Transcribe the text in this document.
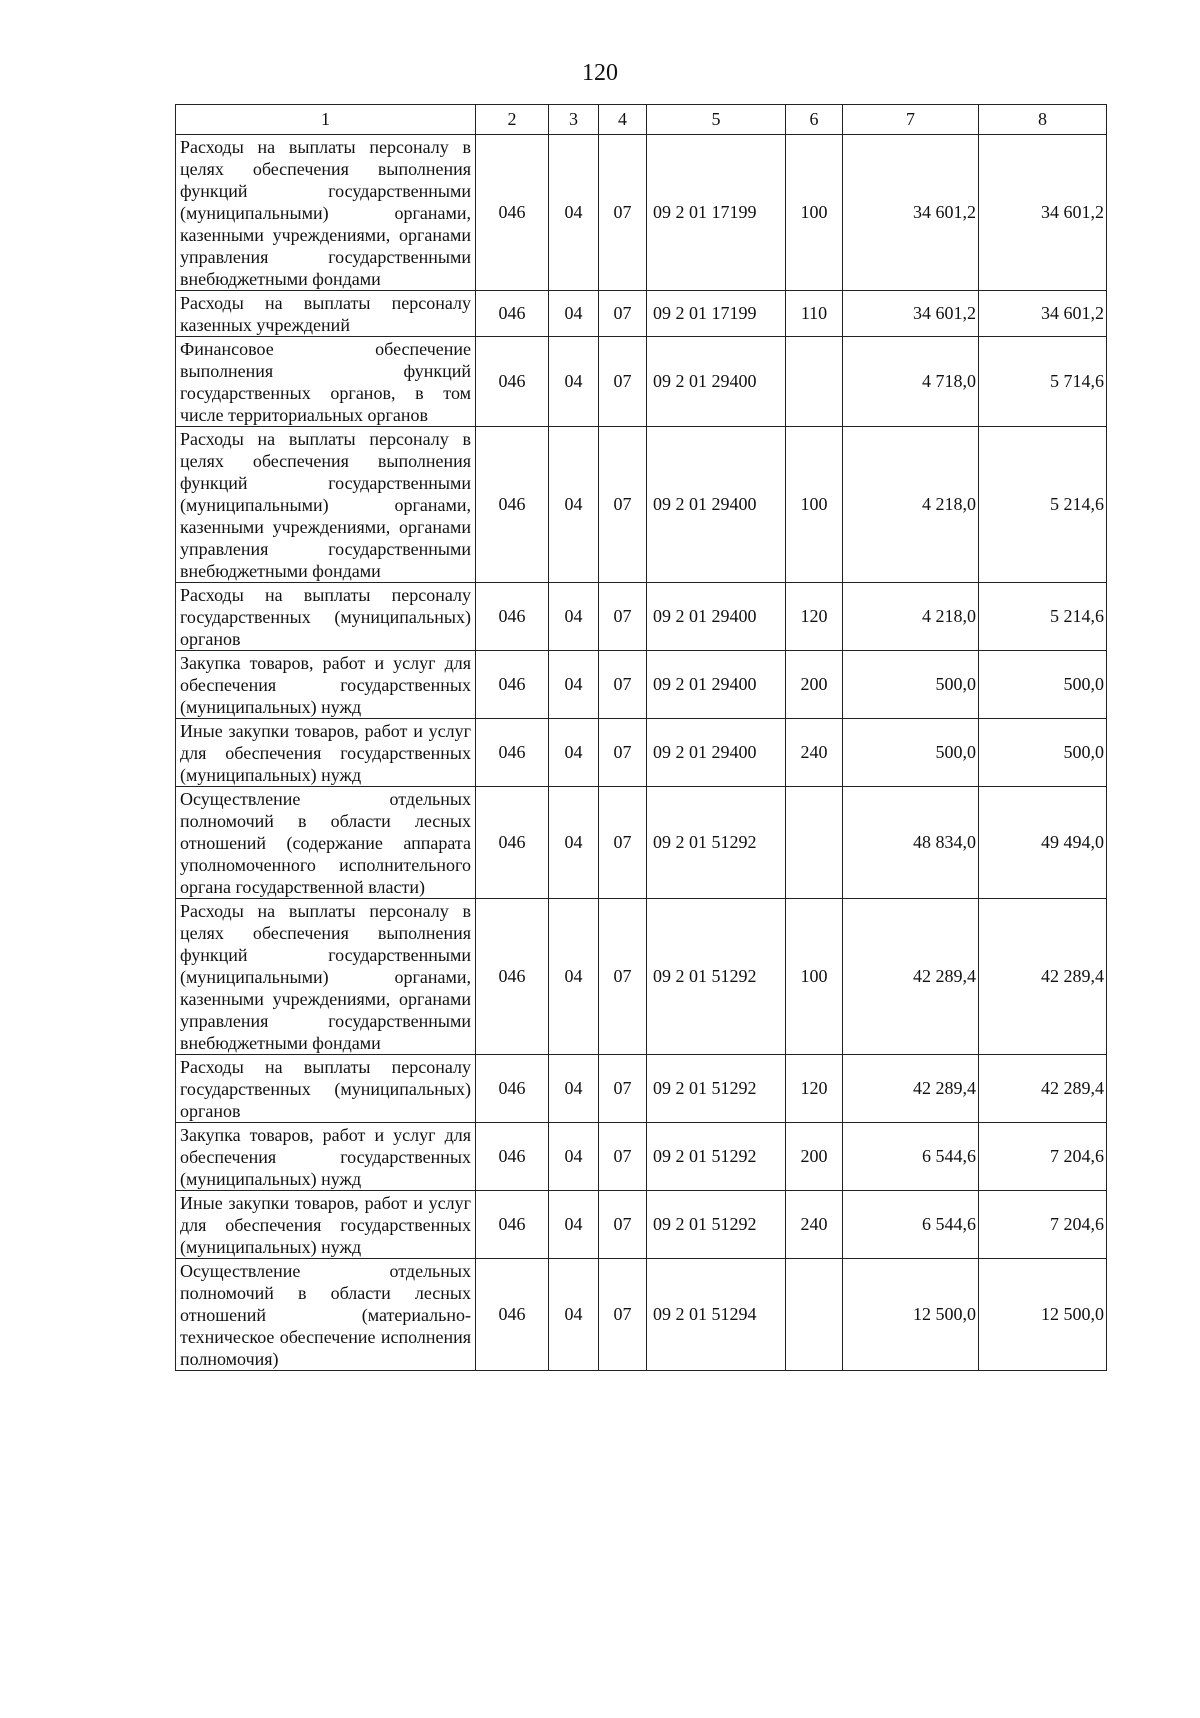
120
1	2	3	4	5	6	7	8
Расходы на выплаты персоналу в целях обеспечения выполнения функций государственными (муниципальными) органами, казенными учреждениями, органами управления государственными внебюджетными фондами	046	04	07	09 2 01 17199	100	34 601,2	34 601,2
Расходы на выплаты персоналу казенных учреждений	046	04	07	09 2 01 17199	110	34 601,2	34 601,2
Финансовое обеспечение выполнения функций государственных органов, в том числе территориальных органов	046	04	07	09 2 01 29400		4 718,0	5 714,6
Расходы на выплаты персоналу в целях обеспечения выполнения функций государственными (муниципальными) органами, казенными учреждениями, органами управления государственными внебюджетными фондами	046	04	07	09 2 01 29400	100	4 218,0	5 214,6
Расходы на выплаты персоналу государственных (муниципальных) органов	046	04	07	09 2 01 29400	120	4 218,0	5 214,6
Закупка товаров, работ и услуг для обеспечения государственных (муниципальных) нужд	046	04	07	09 2 01 29400	200	500,0	500,0
Иные закупки товаров, работ и услуг для обеспечения государственных (муниципальных) нужд	046	04	07	09 2 01 29400	240	500,0	500,0
Осуществление отдельных полномочий в области лесных отношений (содержание аппарата уполномоченного исполнительного органа государственной власти)	046	04	07	09 2 01 51292		48 834,0	49 494,0
Расходы на выплаты персоналу в целях обеспечения выполнения функций государственными (муниципальными) органами, казенными учреждениями, органами управления государственными внебюджетными фондами	046	04	07	09 2 01 51292	100	42 289,4	42 289,4
Расходы на выплаты персоналу государственных (муниципальных) органов	046	04	07	09 2 01 51292	120	42 289,4	42 289,4
Закупка товаров, работ и услуг для обеспечения государственных (муниципальных) нужд	046	04	07	09 2 01 51292	200	6 544,6	7 204,6
Иные закупки товаров, работ и услуг для обеспечения государственных (муниципальных) нужд	046	04	07	09 2 01 51292	240	6 544,6	7 204,6
Осуществление отдельных полномочий в области лесных отношений (материально-техническое обеспечение исполнения полномочия)	046	04	07	09 2 01 51294		12 500,0	12 500,0
